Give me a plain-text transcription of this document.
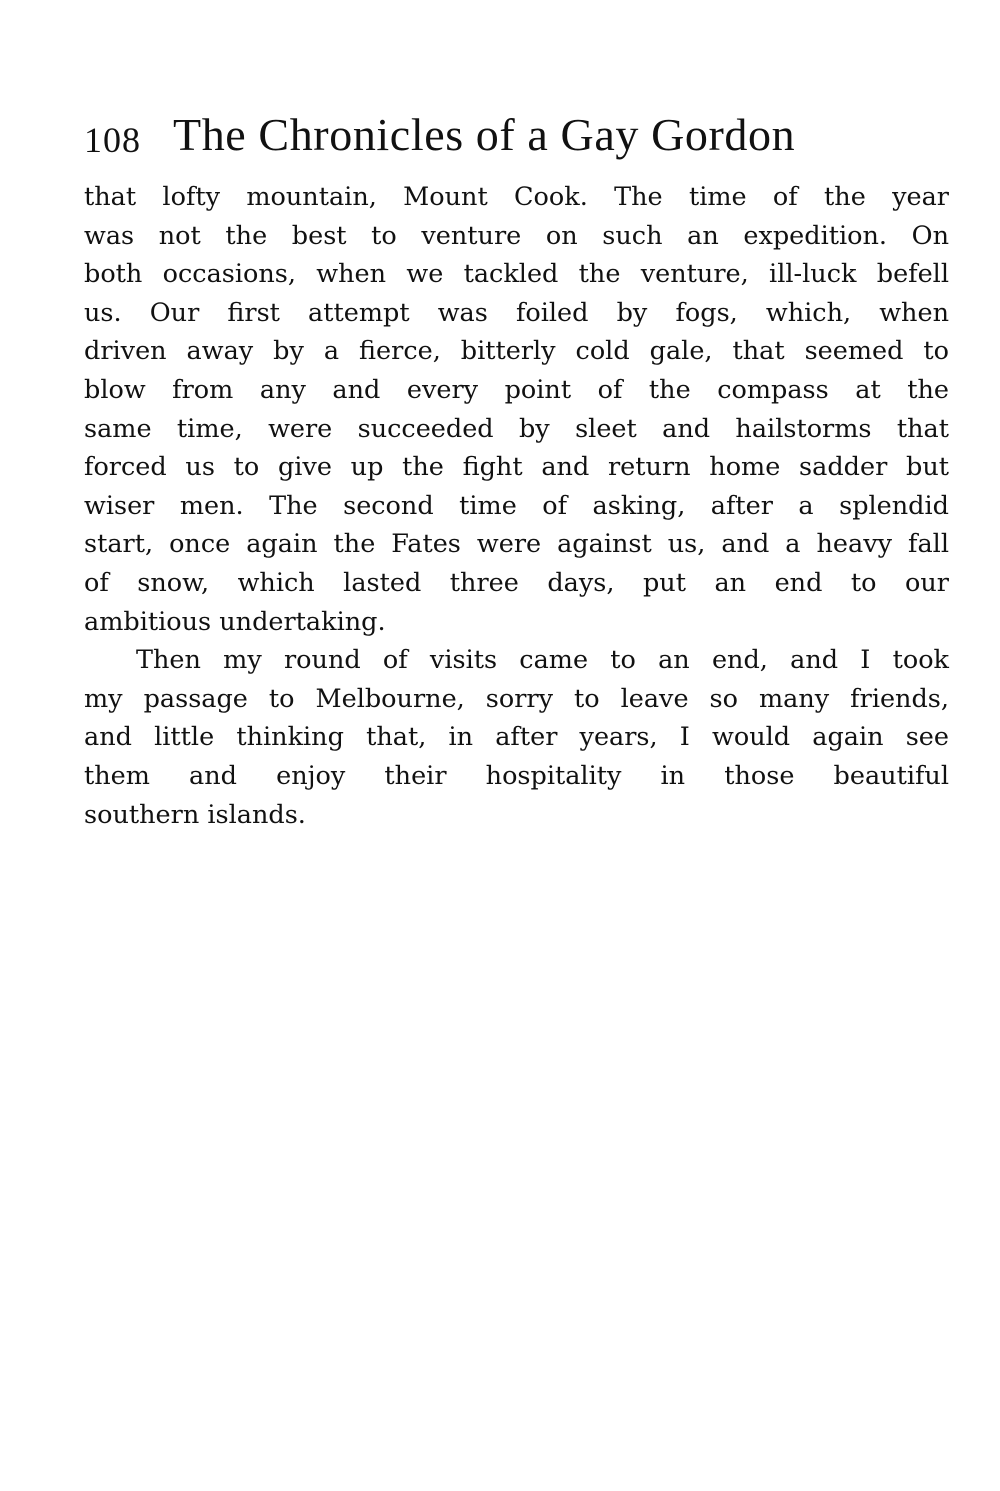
108 The Chronicles of a Gay Gordon
that lofty mountain, Mount Cook. The time of the year
was not the best to venture on such an expedition. On
both occasions, when we tackled the venture, ill-luck befell
us. Our first attempt was foiled by fogs, which, when
driven away by a fierce, bitterly cold gale, that seemed to
blow from any and every point of the compass at the
same time, were succeeded by sleet and hailstorms that
forced us to give up the fight and return home sadder but
wiser men. The second time of asking, after a splendid
start, once again the Fates were against us, and a heavy fall
of snow, which lasted three days, put an end to our
ambitious undertaking.
Then my round of visits came to an end, and I took
my passage to Melbourne, sorry to leave so many friends,
and little thinking that, in after years, I would again see
them and enjoy their hospitality in those beautiful
southern islands.
